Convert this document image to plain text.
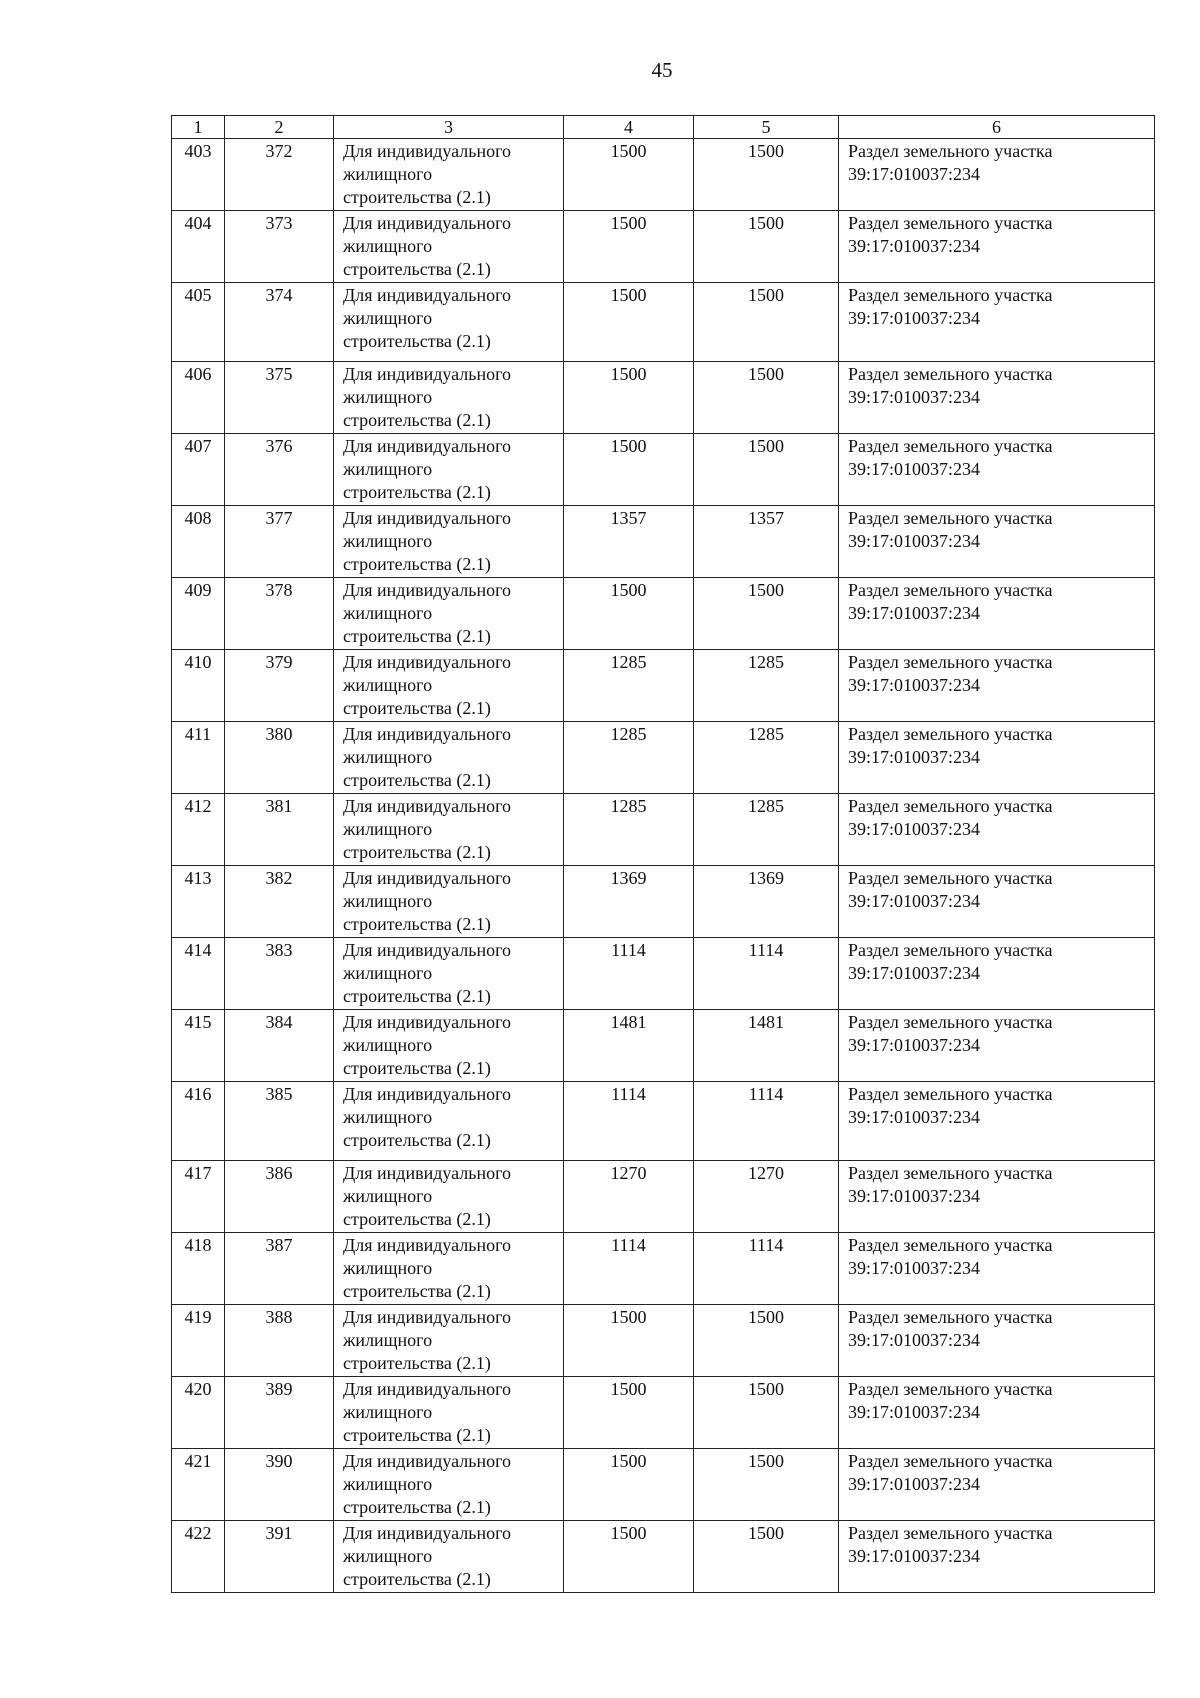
45
1	2	3	4	5	6
403	372	Для индивидуального
жилищного
строительства (2.1)	1500	1500	Раздел земельного участка
39:17:010037:234

404	373	Для индивидуального
жилищного
строительства (2.1)	1500	1500	Раздел земельного участка
39:17:010037:234

405	374	Для индивидуального
жилищного
строительства (2.1)	1500	1500	Раздел земельного участка
39:17:010037:234

406	375	Для индивидуального
жилищного
строительства (2.1)	1500	1500	Раздел земельного участка
39:17:010037:234

407	376	Для индивидуального
жилищного
строительства (2.1)	1500	1500	Раздел земельного участка
39:17:010037:234

408	377	Для индивидуального
жилищного
строительства (2.1)	1357	1357	Раздел земельного участка
39:17:010037:234

409	378	Для индивидуального
жилищного
строительства (2.1)	1500	1500	Раздел земельного участка
39:17:010037:234

410	379	Для индивидуального
жилищного
строительства (2.1)	1285	1285	Раздел земельного участка
39:17:010037:234

411	380	Для индивидуального
жилищного
строительства (2.1)	1285	1285	Раздел земельного участка
39:17:010037:234

412	381	Для индивидуального
жилищного
строительства (2.1)	1285	1285	Раздел земельного участка
39:17:010037:234

413	382	Для индивидуального
жилищного
строительства (2.1)	1369	1369	Раздел земельного участка
39:17:010037:234

414	383	Для индивидуального
жилищного
строительства (2.1)	1114	1114	Раздел земельного участка
39:17:010037:234

415	384	Для индивидуального
жилищного
строительства (2.1)	1481	1481	Раздел земельного участка
39:17:010037:234

416	385	Для индивидуального
жилищного
строительства (2.1)	1114	1114	Раздел земельного участка
39:17:010037:234

417	386	Для индивидуального
жилищного
строительства (2.1)	1270	1270	Раздел земельного участка
39:17:010037:234

418	387	Для индивидуального
жилищного
строительства (2.1)	1114	1114	Раздел земельного участка
39:17:010037:234

419	388	Для индивидуального
жилищного
строительства (2.1)	1500	1500	Раздел земельного участка
39:17:010037:234

420	389	Для индивидуального
жилищного
строительства (2.1)	1500	1500	Раздел земельного участка
39:17:010037:234

421	390	Для индивидуального
жилищного
строительства (2.1)	1500	1500	Раздел земельного участка
39:17:010037:234

422	391	Для индивидуального
жилищного
строительства (2.1)	1500	1500	Раздел земельного участка
39:17:010037:234
